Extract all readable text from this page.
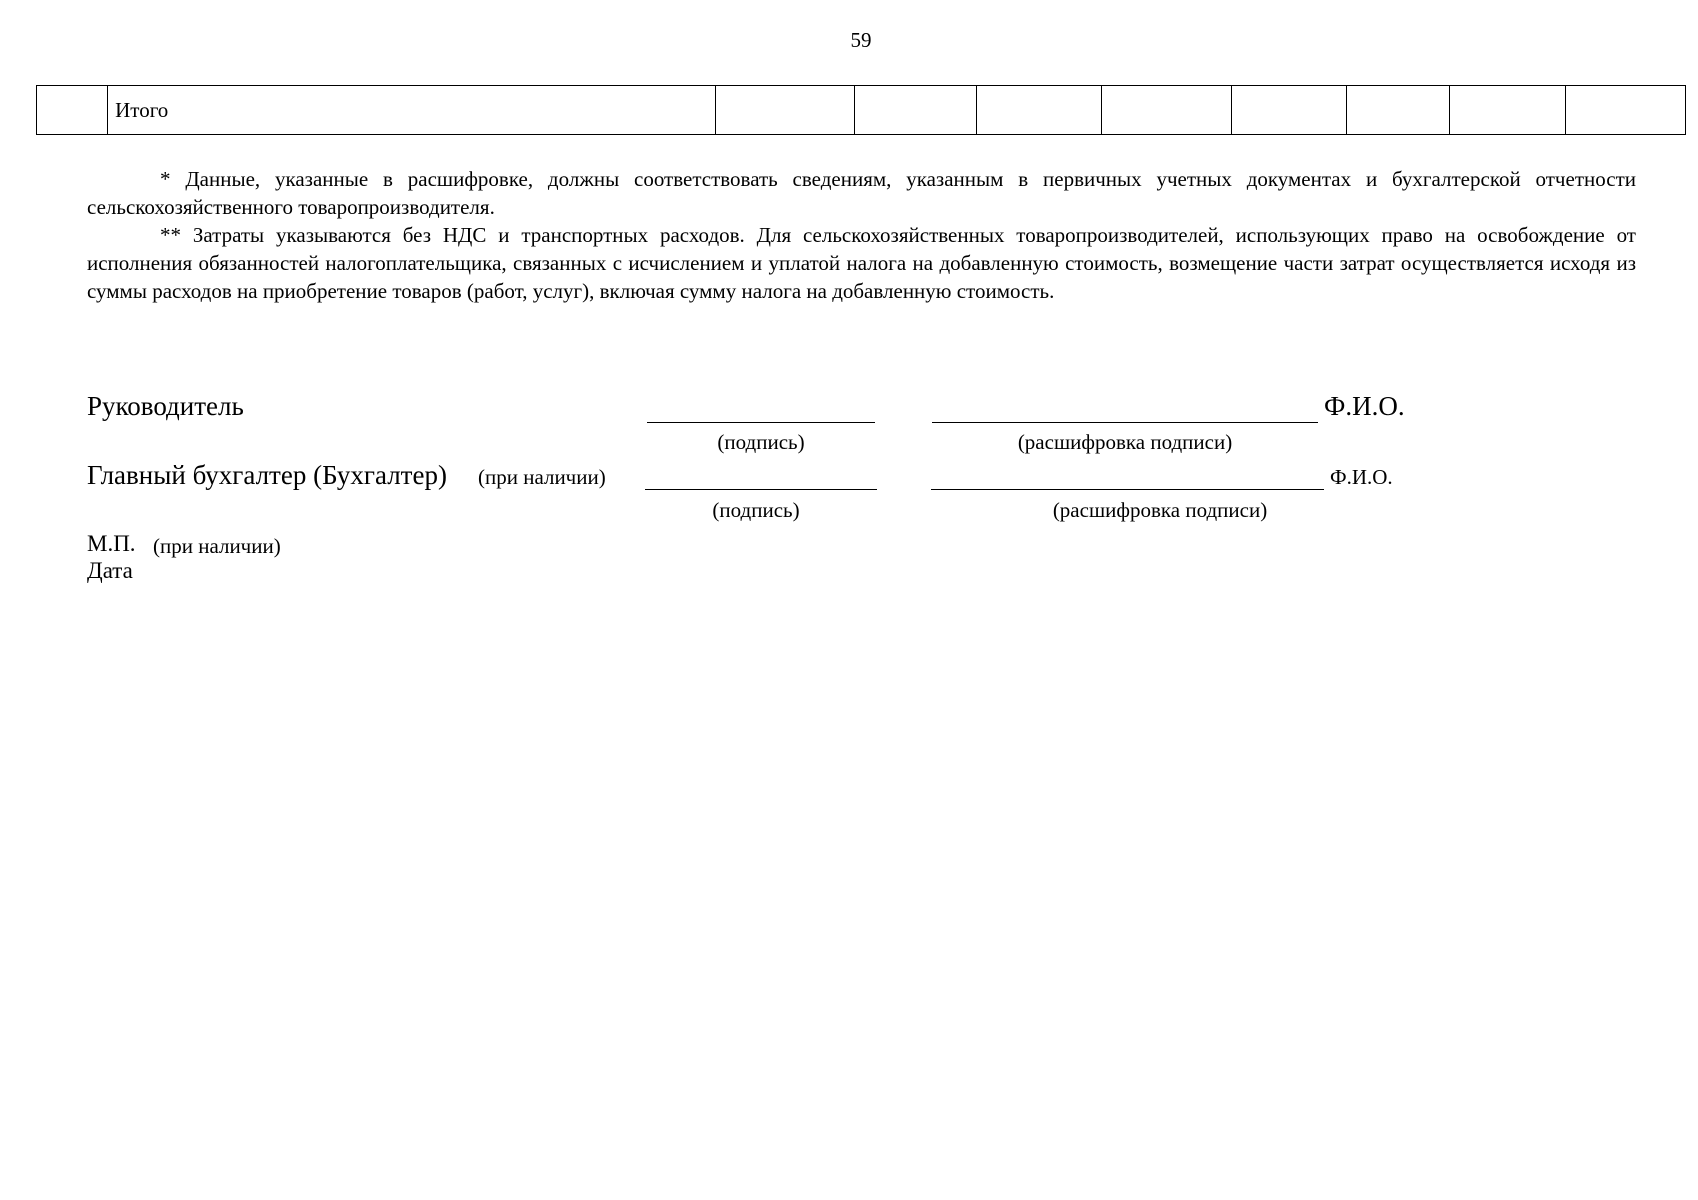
59
	Итого								

* Данные, указанные в расшифровке, должны соответствовать сведениям, указанным в первичных учетных документах и бухгалтерской отчетности сельскохозяйственного товаропроизводителя.

** Затраты указываются без НДС и транспортных расходов. Для сельскохозяйственных товаропроизводителей, использующих право на освобождение от исполнения обязанностей налогоплательщика, связанных с исчислением и уплатой налога на добавленную стоимость, возмещение части затрат осуществляется исходя из суммы расходов на приобретение товаров (работ, услуг), включая сумму налога на добавленную стоимость.

Руководитель	Ф.И.О.
(подпись)	(расшифровка подписи)
Главный бухгалтер (Бухгалтер) (при наличии)	Ф.И.О.
(подпись)	(расшифровка подписи)
М.П. (при наличии)
Дата
